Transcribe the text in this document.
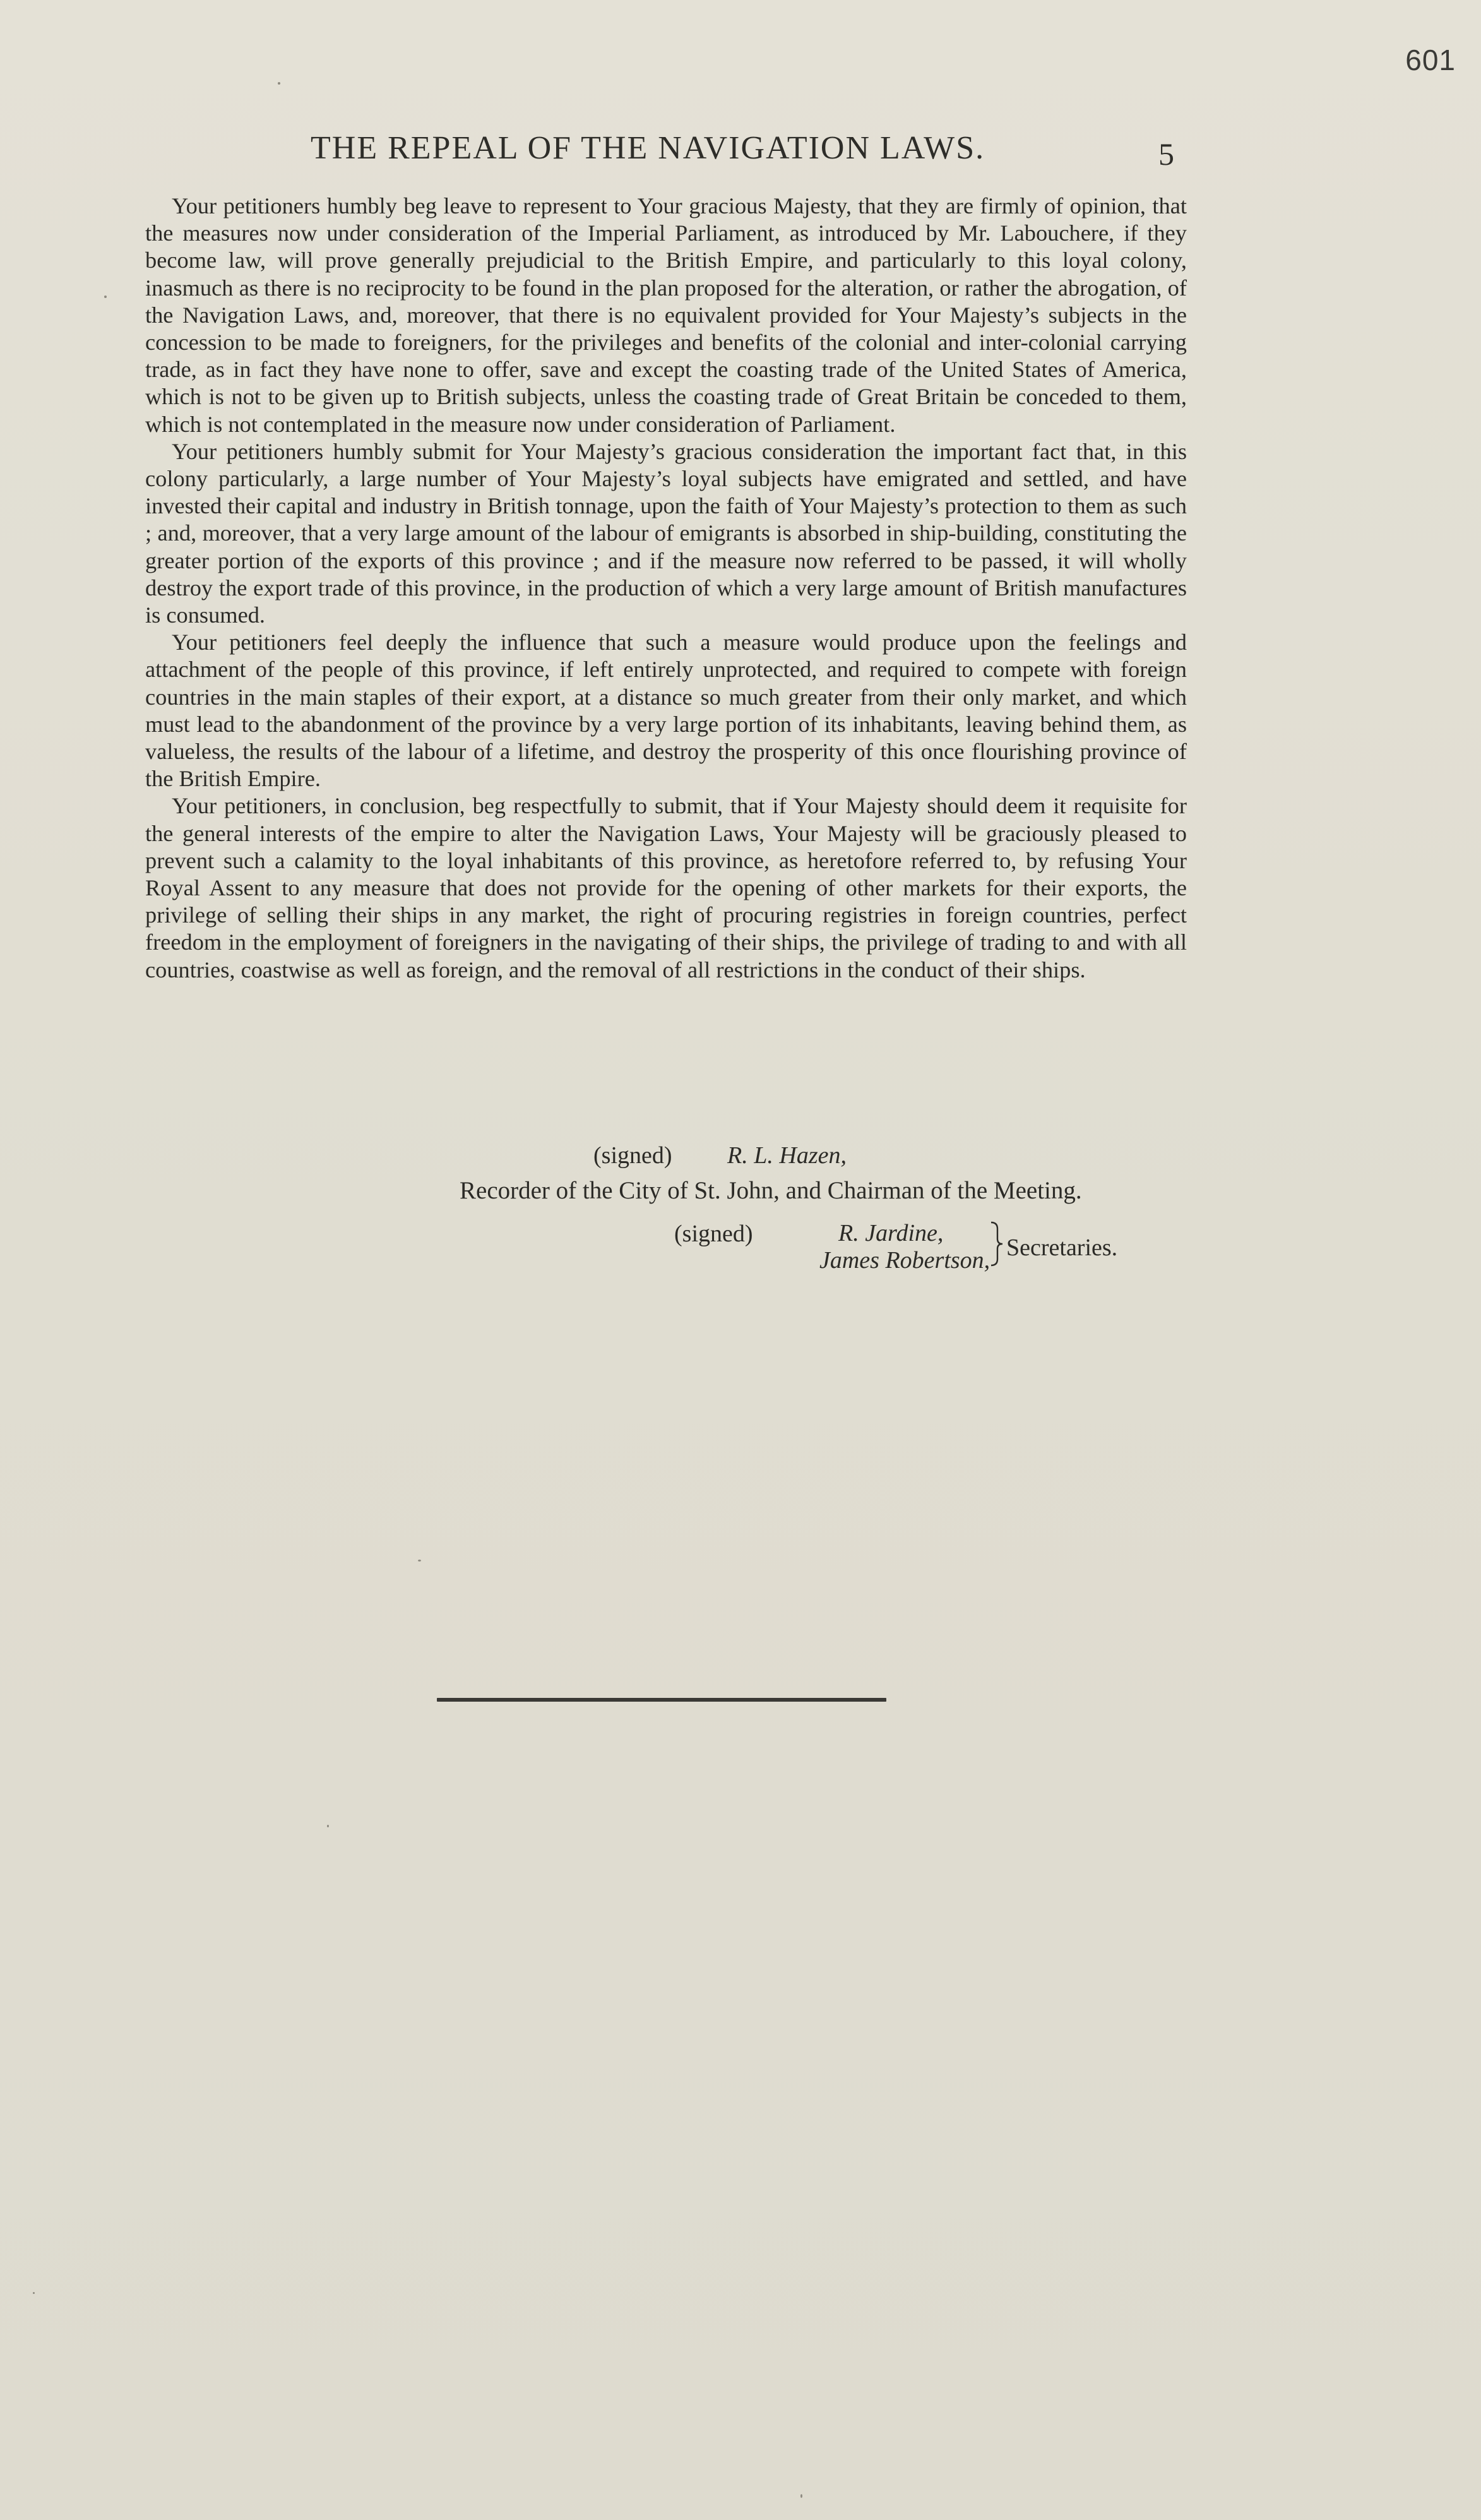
601
THE REPEAL OF THE NAVIGATION LAWS.	5

Your petitioners humbly beg leave to represent to Your gracious Majesty, that they are firmly of opinion, that the measures now under consideration of the Imperial Parliament, as introduced by Mr. Labouchere, if they become law, will prove generally prejudicial to the British Empire, and particularly to this loyal colony, inasmuch as there is no reciprocity to be found in the plan proposed for the alteration, or rather the abrogation, of the Navigation Laws, and, moreover, that there is no equivalent provided for Your Majesty’s subjects in the concession to be made to foreigners, for the privileges and benefits of the colonial and inter-colonial carrying trade, as in fact they have none to offer, save and except the coasting trade of the United States of America, which is not to be given up to British subjects, unless the coasting trade of Great Britain be conceded to them, which is not contemplated in the measure now under consideration of Parliament.

Your petitioners humbly submit for Your Majesty’s gracious consideration the important fact that, in this colony particularly, a large number of Your Majesty’s loyal subjects have emigrated and settled, and have invested their capital and industry in British tonnage, upon the faith of Your Majesty’s protection to them as such ; and, moreover, that a very large amount of the labour of emigrants is absorbed in ship-building, constituting the greater portion of the exports of this province ; and if the measure now referred to be passed, it will wholly destroy the export trade of this province, in the production of which a very large amount of British manufactures is consumed.

Your petitioners feel deeply the influence that such a measure would produce upon the feelings and attachment of the people of this province, if left entirely unprotected, and required to compete with foreign countries in the main staples of their export, at a distance so much greater from their only market, and which must lead to the abandonment of the province by a very large portion of its inhabitants, leaving behind them, as valueless, the results of the labour of a lifetime, and destroy the prosperity of this once flourishing province of the British Empire.

Your petitioners, in conclusion, beg respectfully to submit, that if Your Majesty should deem it requisite for the general interests of the empire to alter the Navigation Laws, Your Majesty will be graciously pleased to prevent such a calamity to the loyal inhabitants of this province, as heretofore referred to, by refusing Your Royal Assent to any measure that does not provide for the opening of other markets for their exports, the privilege of selling their ships in any market, the right of procuring registries in foreign countries, perfect freedom in the employment of foreigners in the navigating of their ships, the privilege of trading to and with all countries, coastwise as well as foreign, and the removal of all restrictions in the conduct of their ships.

(signed) R. L. Hazen,
Recorder of the City of St. John, and Chairman of the Meeting.
(signed)	R. Jardine,
James Robertson, Secretaries.
